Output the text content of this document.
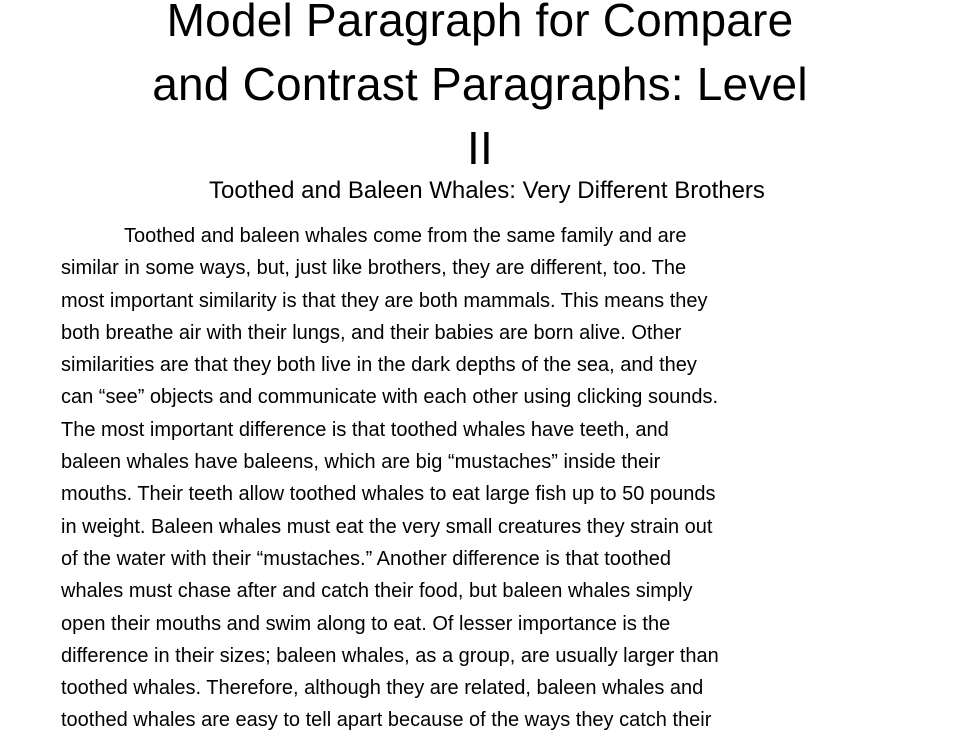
Model Paragraph for Compare
and Contrast Paragraphs: Level
II
Toothed and Baleen Whales: Very Different Brothers
Toothed and baleen whales come from the same family and are
similar in some ways, but, just like brothers, they are different, too. The
most important similarity is that they are both mammals. This means they
both breathe air with their lungs, and their babies are born alive. Other
similarities are that they both live in the dark depths of the sea, and they
can “see” objects and communicate with each other using clicking sounds.
The most important difference is that toothed whales have teeth, and
baleen whales have baleens, which are big “mustaches” inside their
mouths. Their teeth allow toothed whales to eat large fish up to 50 pounds
in weight. Baleen whales must eat the very small creatures they strain out
of the water with their “mustaches.” Another difference is that toothed
whales must chase after and catch their food, but baleen whales simply
open their mouths and swim along to eat. Of lesser importance is the
difference in their sizes; baleen whales, as a group, are usually larger than
toothed whales. Therefore, although they are related, baleen whales and
toothed whales are easy to tell apart because of the ways they catch their
